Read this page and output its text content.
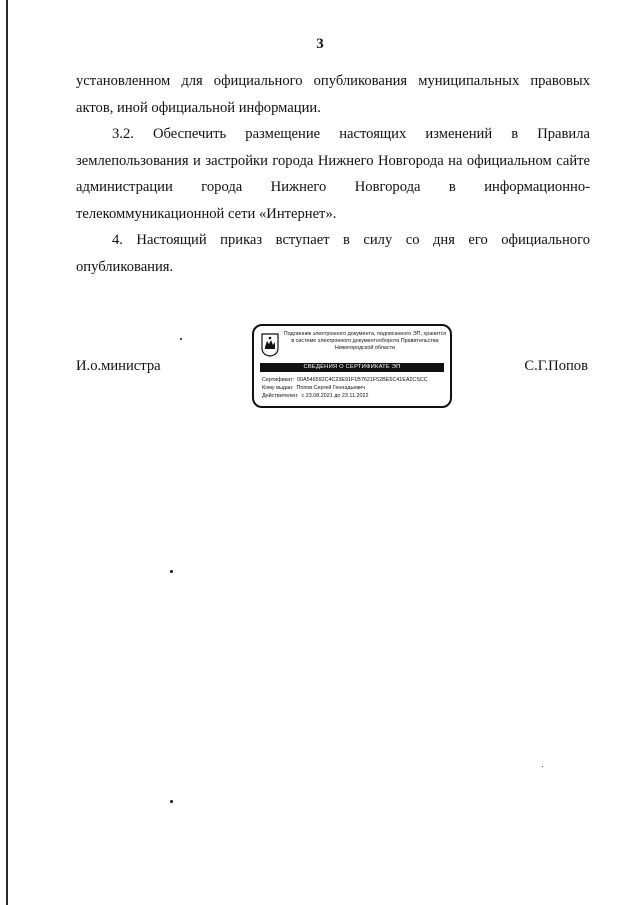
3

установленном для официального опубликования муниципальных правовых актов, иной официальной информации.

3.2. Обеспечить размещение настоящих изменений в Правила землепользования и застройки города Нижнего Новгорода на официальном сайте администрации города Нижнего Новгорода в информационно-

телекоммуникационной сети «Интернет».

4. Настоящий приказ вступает в силу со дня его официального опубликования.

И.о.министра	С.Г.Попов
Подлинник электронного документа, подписанного ЭП, хранится в системе электронного документооборота Правительства Нижегородской области
СВЕДЕНИЯ О СЕРТИФИКАТЕ ЭП
Сертификат: 00A546592C4C23E91F1B7621F52BE5C41EA2CSCC
Кому выдан: Попов Сергей Геннадьевич
Действителен: с 23.08.2021 до 23.11.2022
